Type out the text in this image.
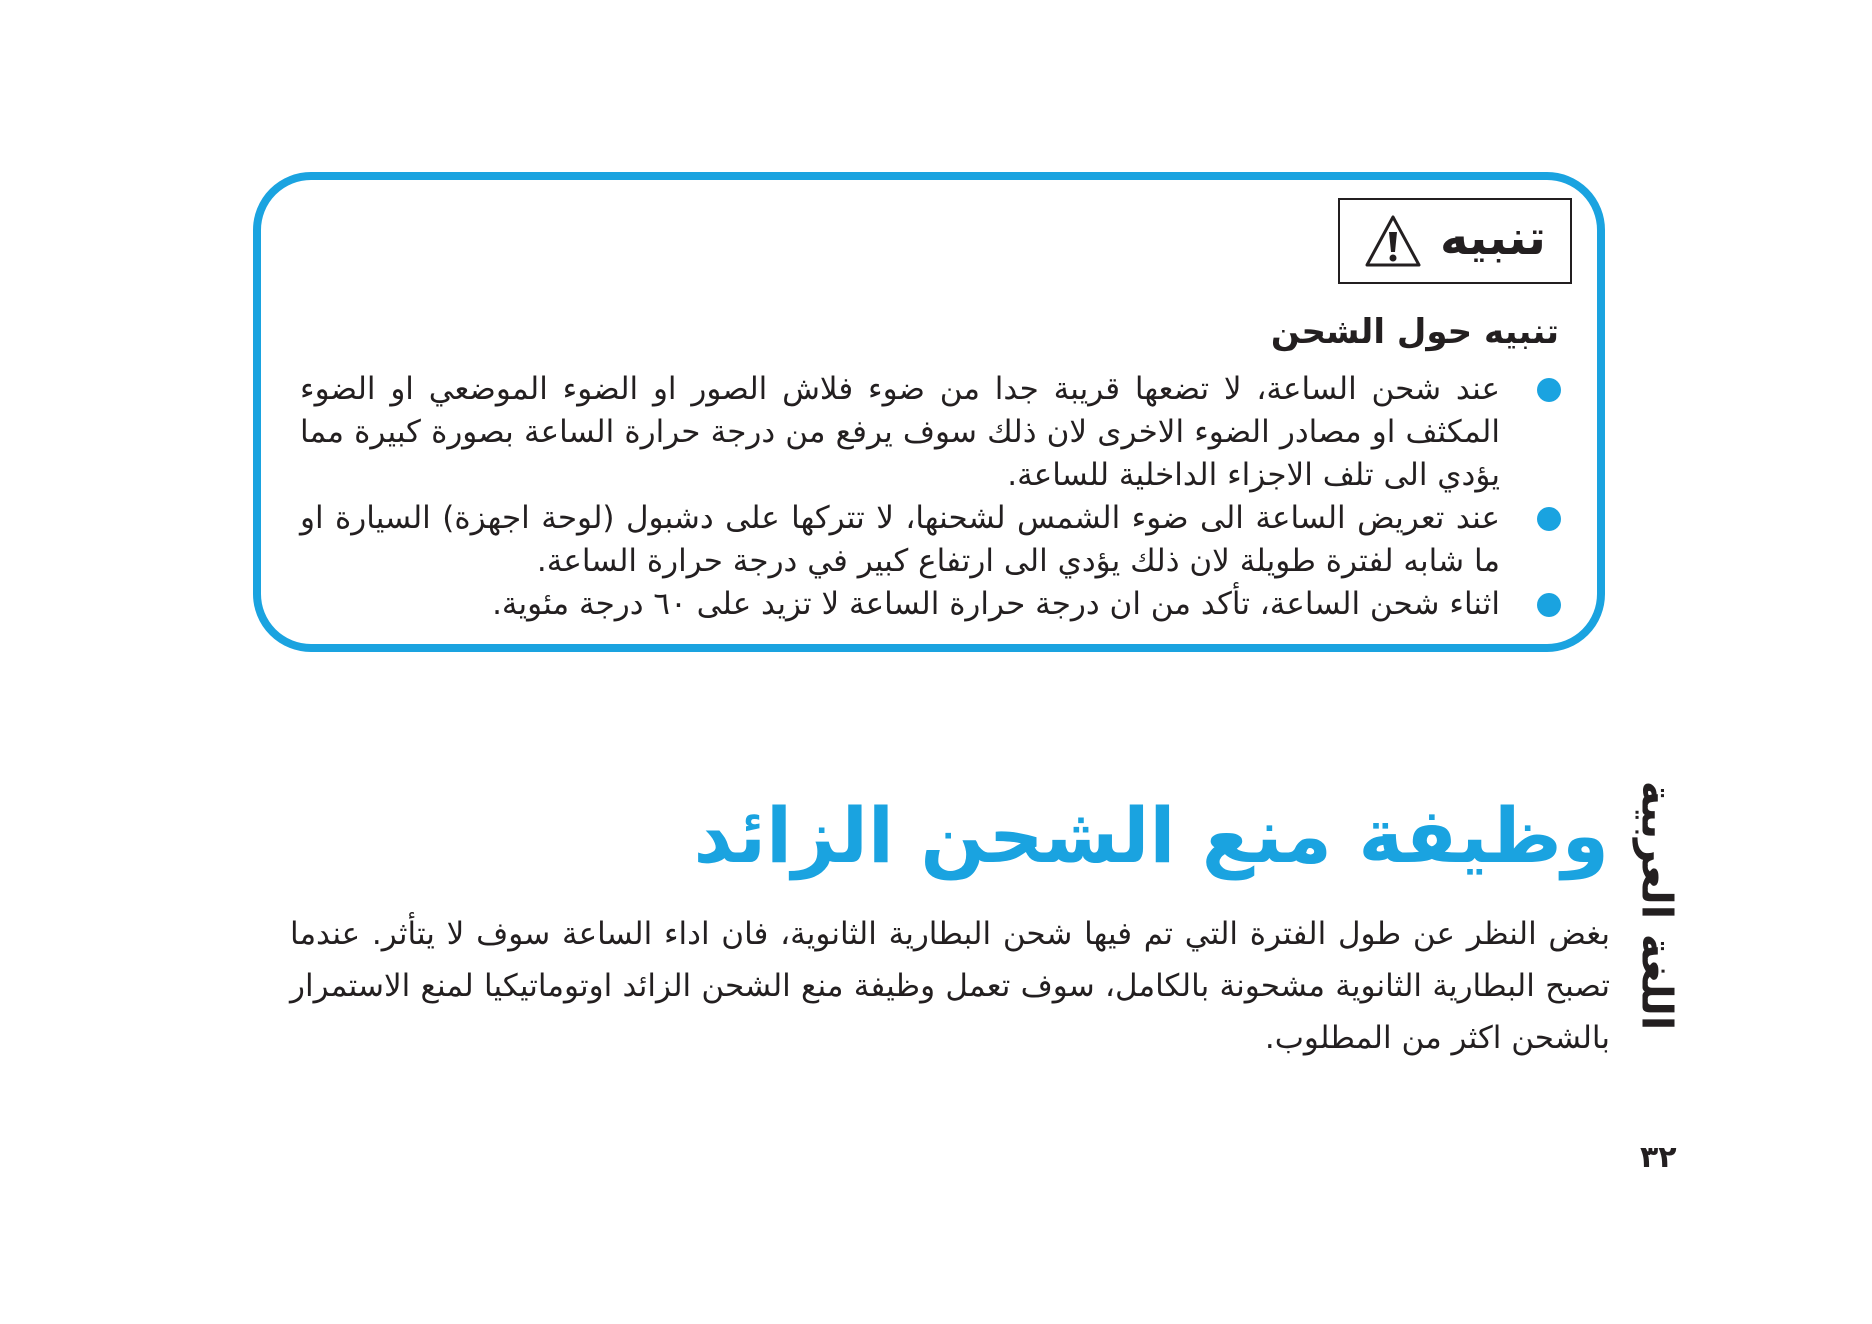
تنبيه
تنبيه حول الشحن
عند شحن الساعة، لا تضعها قريبة جدا من ضوء فلاش الصور او الضوء الموضعي او الضوء المكثف او مصادر الضوء الاخرى لان ذلك سوف يرفع من درجة حرارة الساعة بصورة كبيرة مما يؤدي الى تلف الاجزاء الداخلية للساعة.
عند تعريض الساعة الى ضوء الشمس لشحنها، لا تتركها على دشبول (لوحة اجهزة) السيارة او ما شابه لفترة طويلة لان ذلك يؤدي الى ارتفاع كبير في درجة حرارة الساعة.
اثناء شحن الساعة، تأكد من ان درجة حرارة الساعة لا تزيد على ٦٠ درجة مئوية.
وظيفة منع الشحن الزائد

بغض النظر عن طول الفترة التي تم فيها شحن البطارية الثانوية، فان اداء الساعة سوف لا يتأثر. عندما تصبح البطارية الثانوية مشحونة بالكامل، سوف تعمل وظيفة منع الشحن الزائد اوتوماتيكيا لمنع الاستمرار بالشحن اكثر من المطلوب.

اللغة العربية
٣٢
